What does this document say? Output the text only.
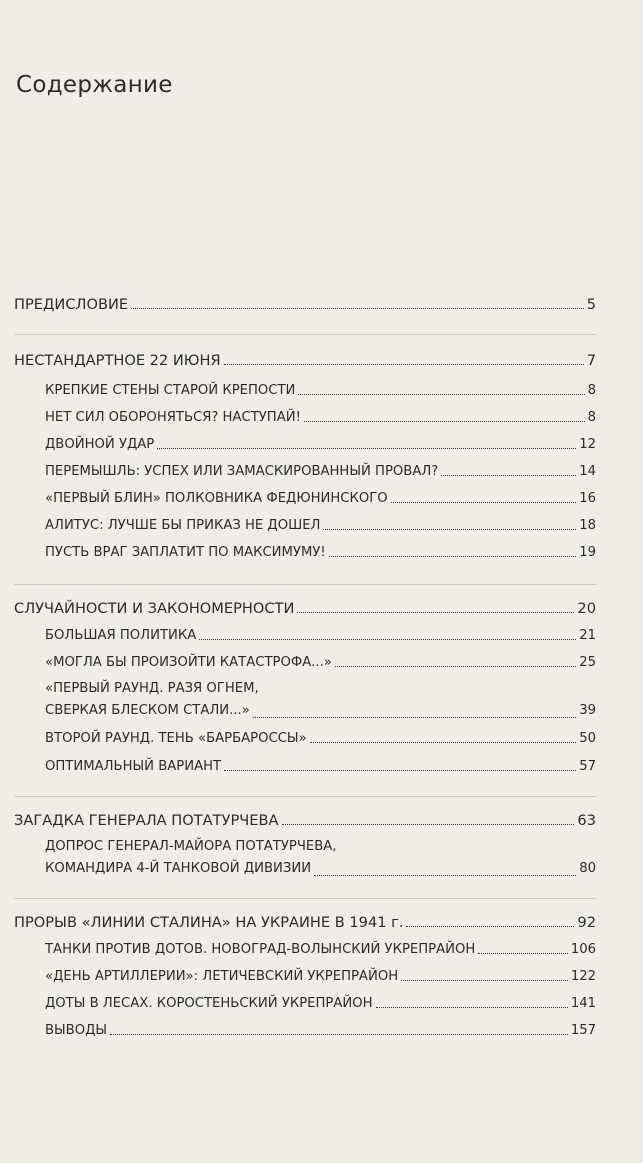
Содержание
ПРЕДИСЛОВИЕ	5
НЕСТАНДАРТНОЕ 22 ИЮНЯ	7
КРЕПКИЕ СТЕНЫ СТАРОЙ КРЕПОСТИ	8
НЕТ СИЛ ОБОРОНЯТЬСЯ? НАСТУПАЙ!	8
ДВОЙНОЙ УДАР	12
ПЕРЕМЫШЛЬ: УСПЕХ ИЛИ ЗАМАСКИРОВАННЫЙ ПРОВАЛ?	14
«ПЕРВЫЙ БЛИН» ПОЛКОВНИКА ФЕДЮНИНСКОГО	16
АЛИТУС: ЛУЧШЕ БЫ ПРИКАЗ НЕ ДОШЕЛ	18
ПУСТЬ ВРАГ ЗАПЛАТИТ ПО МАКСИМУМУ!	19
СЛУЧАЙНОСТИ И ЗАКОНОМЕРНОСТИ	20
БОЛЬШАЯ ПОЛИТИКА	21
«МОГЛА БЫ ПРОИЗОЙТИ КАТАСТРОФА...»	25
«ПЕРВЫЙ РАУНД. РАЗЯ ОГНЕМ,
СВЕРКАЯ БЛЕСКОМ СТАЛИ...»	39
ВТОРОЙ РАУНД. ТЕНЬ «БАРБАРОССЫ»	50
ОПТИМАЛЬНЫЙ ВАРИАНТ	57
ЗАГАДКА ГЕНЕРАЛА ПОТАТУРЧЕВА	63
ДОПРОС ГЕНЕРАЛ-МАЙОРА ПОТАТУРЧЕВА,
КОМАНДИРА 4-Й ТАНКОВОЙ ДИВИЗИИ	80
ПРОРЫВ «ЛИНИИ СТАЛИНА» НА УКРАИНЕ В 1941 г.	92
ТАНКИ ПРОТИВ ДОТОВ. НОВОГРАД-ВОЛЫНСКИЙ УКРЕПРАЙОН	106
«ДЕНЬ АРТИЛЛЕРИИ»: ЛЕТИЧЕВСКИЙ УКРЕПРАЙОН	122
ДОТЫ В ЛЕСАХ. КОРОСТЕНЬСКИЙ УКРЕПРАЙОН	141
ВЫВОДЫ	157
